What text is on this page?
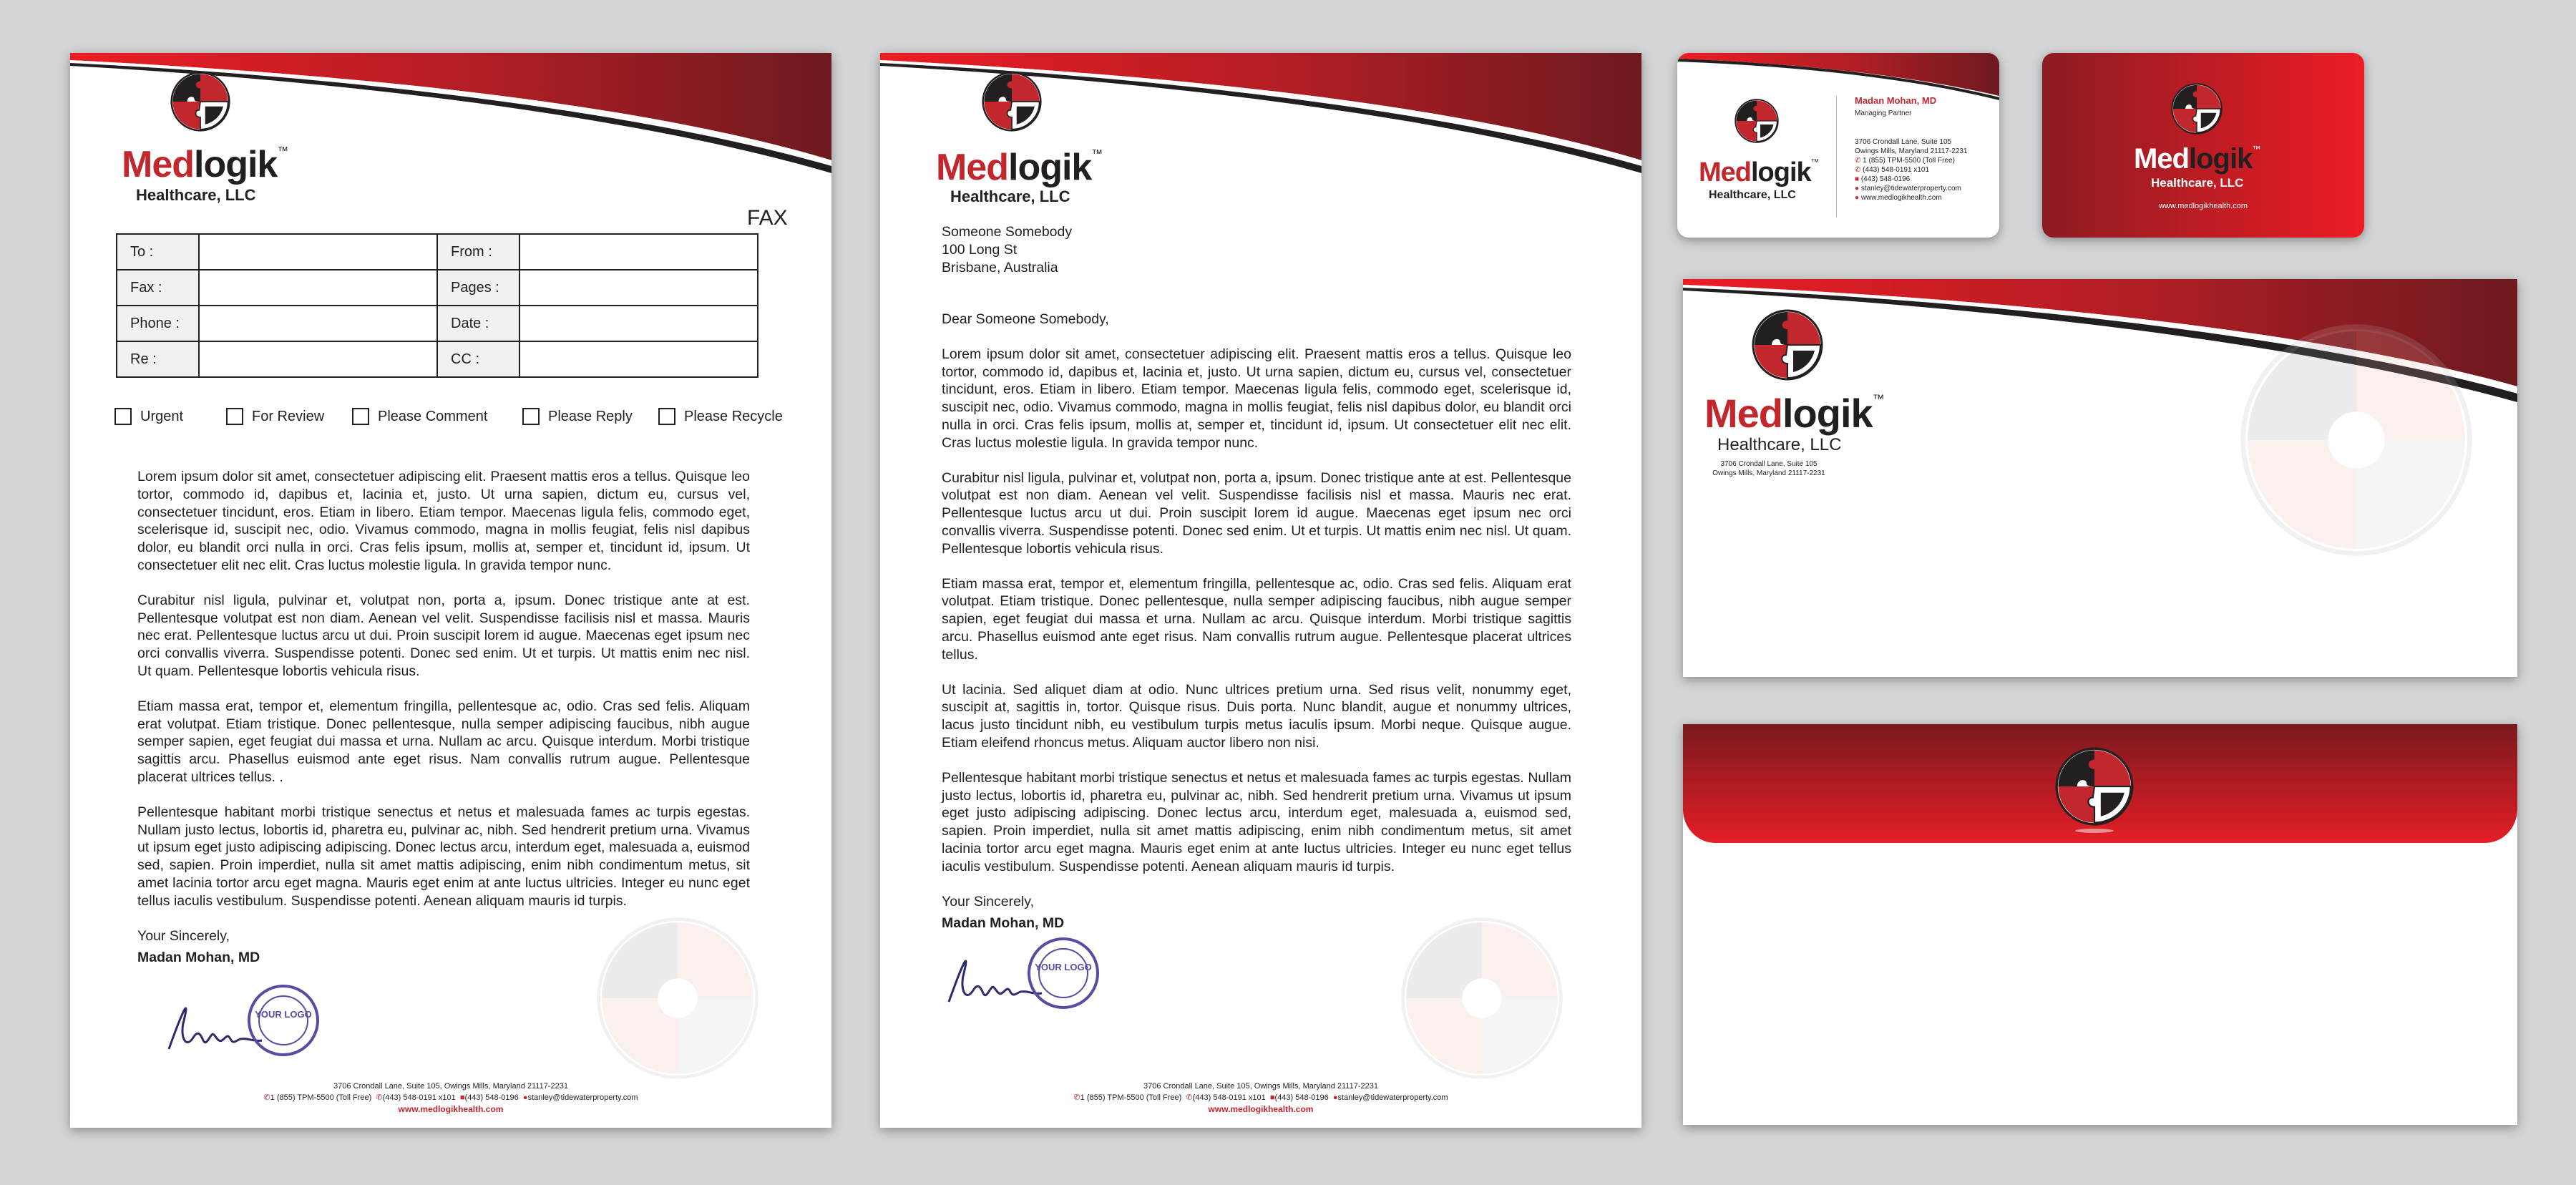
Medlogik™
Healthcare, LLC
FAX
To :		From :	
Fax :		Pages :	
Phone :		Date :	
Re :		CC :	
Urgent	For Review	Please Comment	Please Reply	Please Recycle

Lorem ipsum dolor sit amet, consectetuer adipiscing elit. Praesent mattis eros a tellus. Quisque leo tortor, commodo id, dapibus et, lacinia et, justo. Ut urna sapien, dictum eu, cursus vel, consectetuer tincidunt, eros. Etiam in libero. Etiam tempor. Maecenas ligula felis, commodo eget, scelerisque id, suscipit nec, odio. Vivamus commodo, magna in mollis feugiat, felis nisl dapibus dolor, eu blandit orci nulla in orci. Cras felis ipsum, mollis at, semper et, tincidunt id, ipsum. Ut consectetuer elit nec elit. Cras luctus molestie ligula. In gravida tempor nunc.

Curabitur nisl ligula, pulvinar et, volutpat non, porta a, ipsum. Donec tristique ante at est. Pellentesque volutpat est non diam. Aenean vel velit. Suspendisse facilisis nisl et massa. Mauris nec erat. Pellentesque luctus arcu ut dui. Proin suscipit lorem id augue. Maecenas eget ipsum nec orci convallis viverra. Suspendisse potenti. Donec sed enim. Ut et turpis. Ut mattis enim nec nisl. Ut quam. Pellentesque lobortis vehicula risus.

Etiam massa erat, tempor et, elementum fringilla, pellentesque ac, odio. Cras sed felis. Aliquam erat volutpat. Etiam tristique. Donec pellentesque, nulla semper adipiscing faucibus, nibh augue semper sapien, eget feugiat dui massa et urna. Nullam ac arcu. Quisque interdum. Morbi tristique sagittis arcu. Phasellus euismod ante eget risus. Nam convallis rutrum augue. Pellentesque placerat ultrices tellus. .

Pellentesque habitant morbi tristique senectus et netus et malesuada fames ac turpis egestas. Nullam justo lectus, lobortis id, pharetra eu, pulvinar ac, nibh. Sed hendrerit pretium urna. Vivamus ut ipsum eget justo adipiscing adipiscing. Donec lectus arcu, interdum eget, malesuada a, euismod sed, sapien. Proin imperdiet, nulla sit amet mattis adipiscing, enim nibh condimentum metus, sit amet lacinia tortor arcu eget magna. Mauris eget enim at ante luctus ultricies. Integer eu nunc eget tellus iaculis vestibulum. Suspendisse potenti. Aenean aliquam mauris id turpis.

Your Sincerely,

Madan Mohan, MD

YOUR LOGO
3706 Crondall Lane, Suite 105, Owings Mills, Maryland 21117-2231
✆1 (855) TPM-5500 (Toll Free) ✆(443) 548-0191 x101 ■(443) 548-0196 ●stanley@tidewaterproperty.com
www.medlogikhealth.com
Medlogik™
Healthcare, LLC
Someone Somebody
100 Long St
Brisbane, Australia

Dear Someone Somebody,

Lorem ipsum dolor sit amet, consectetuer adipiscing elit. Praesent mattis eros a tellus. Quisque leo tortor, commodo id, dapibus et, lacinia et, justo. Ut urna sapien, dictum eu, cursus vel, consectetuer tincidunt, eros. Etiam in libero. Etiam tempor. Maecenas ligula felis, commodo eget, scelerisque id, suscipit nec, odio. Vivamus commodo, magna in mollis feugiat, felis nisl dapibus dolor, eu blandit orci nulla in orci. Cras felis ipsum, mollis at, semper et, tincidunt id, ipsum. Ut consectetuer elit nec elit. Cras luctus molestie ligula. In gravida tempor nunc.

Curabitur nisl ligula, pulvinar et, volutpat non, porta a, ipsum. Donec tristique ante at est. Pellentesque volutpat est non diam. Aenean vel velit. Suspendisse facilisis nisl et massa. Mauris nec erat. Pellentesque luctus arcu ut dui. Proin suscipit lorem id augue. Maecenas eget ipsum nec orci convallis viverra. Suspendisse potenti. Donec sed enim. Ut et turpis. Ut mattis enim nec nisl. Ut quam. Pellentesque lobortis vehicula risus.

Etiam massa erat, tempor et, elementum fringilla, pellentesque ac, odio. Cras sed felis. Aliquam erat volutpat. Etiam tristique. Donec pellentesque, nulla semper adipiscing faucibus, nibh augue semper sapien, eget feugiat dui massa et urna. Nullam ac arcu. Quisque interdum. Morbi tristique sagittis arcu. Phasellus euismod ante eget risus. Nam convallis rutrum augue. Pellentesque placerat ultrices tellus.

Ut lacinia. Sed aliquet diam at odio. Nunc ultrices pretium urna. Sed risus velit, nonummy eget, suscipit at, sagittis in, tortor. Quisque risus. Duis porta. Nunc blandit, augue et nonummy ultrices, lacus justo tincidunt nibh, eu vestibulum turpis metus iaculis ipsum. Morbi neque. Quisque augue. Etiam eleifend rhoncus metus. Aliquam auctor libero non nisi.

Pellentesque habitant morbi tristique senectus et netus et malesuada fames ac turpis egestas. Nullam justo lectus, lobortis id, pharetra eu, pulvinar ac, nibh. Sed hendrerit pretium urna. Vivamus ut ipsum eget justo adipiscing adipiscing. Donec lectus arcu, interdum eget, malesuada a, euismod sed, sapien. Proin imperdiet, nulla sit amet mattis adipiscing, enim nibh condimentum metus, sit amet lacinia tortor arcu eget magna. Mauris eget enim at ante luctus ultricies. Integer eu nunc eget tellus iaculis vestibulum. Suspendisse potenti. Aenean aliquam mauris id turpis.

Your Sincerely,

Madan Mohan, MD

YOUR LOGO
3706 Crondall Lane, Suite 105, Owings Mills, Maryland 21117-2231
✆1 (855) TPM-5500 (Toll Free) ✆(443) 548-0191 x101 ■(443) 548-0196 ●stanley@tidewaterproperty.com
www.medlogikhealth.com
Medlogik™
Healthcare, LLC
Madan Mohan, MD
Managing Partner
3706 Crondall Lane, Suite 105
Owings Mills, Maryland 21117-2231
✆ 1 (855) TPM-5500 (Toll Free)
✆ (443) 548-0191 x101
■ (443) 548-0196
● stanley@tidewaterproperty.com
● www.medlogikhealth.com
Medlogik™
Healthcare, LLC
www.medlogikhealth.com
Medlogik™
Healthcare, LLC
3706 Crondall Lane, Suite 105
Owings Mills, Maryland 21117-2231
